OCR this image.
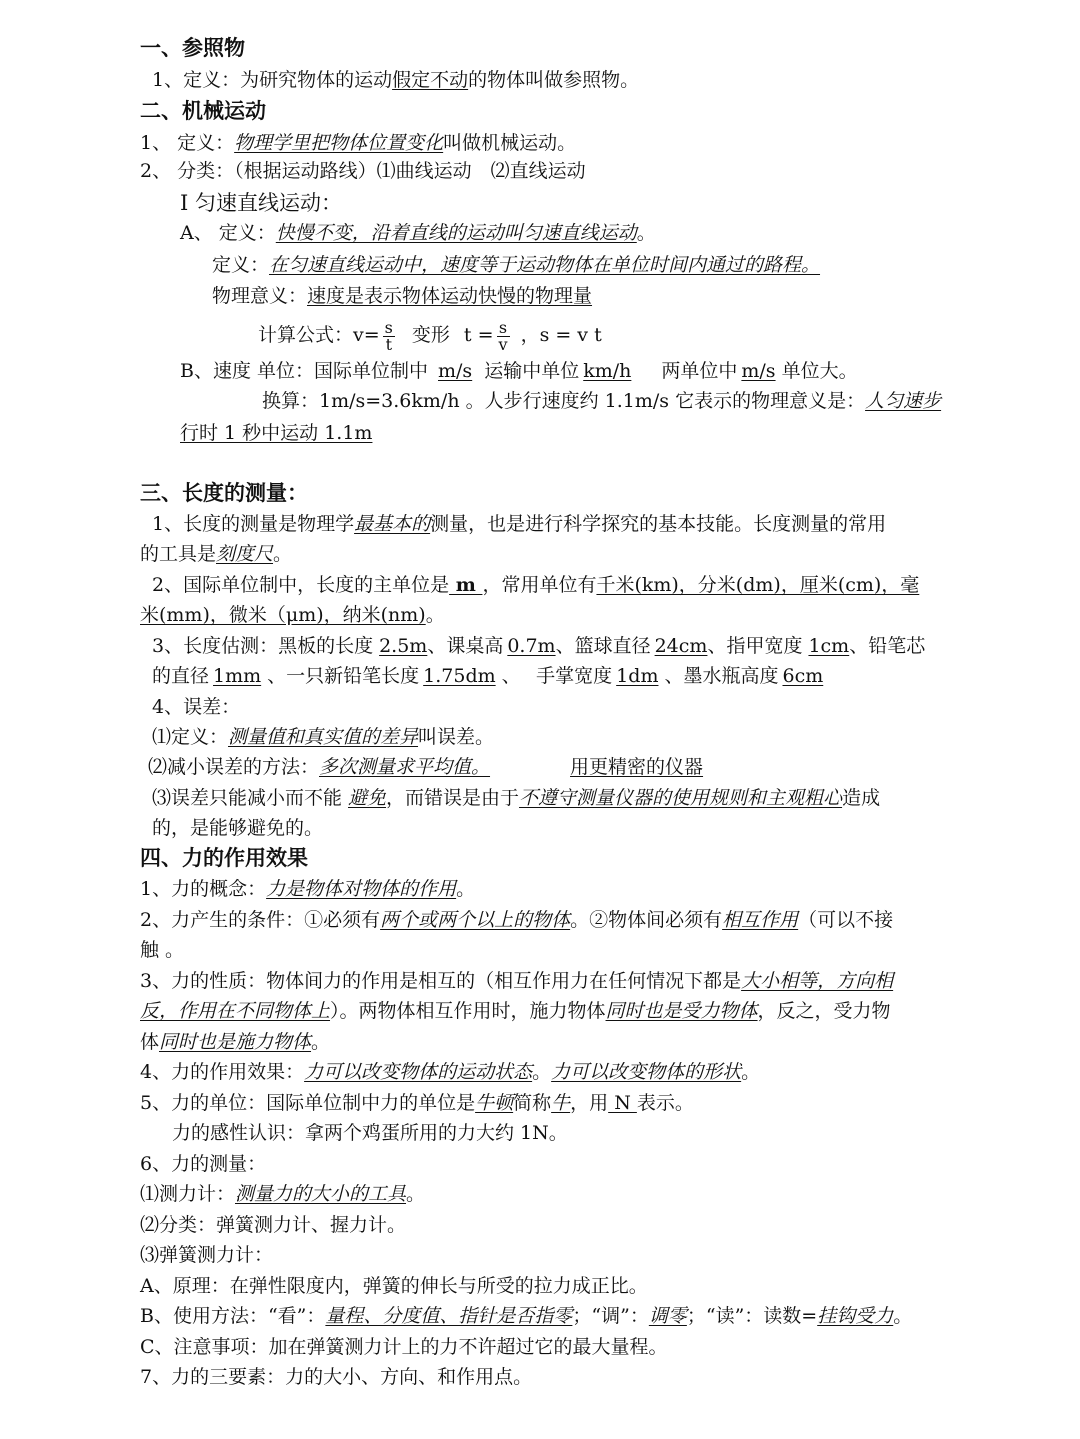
一、参照物
1、定义：为研究物体的运动假定不动的物体叫做参照物。
二、机械运动
1、 定义：物理学里把物体位置变化叫做机械运动。
2、 分类：（根据运动路线）⑴曲线运动　⑵直线运动
Ⅰ 匀速直线运动：
A、 定义：快慢不变，沿着直线的运动叫匀速直线运动。
定义：在匀速直线运动中，速度等于运动物体在单位时间内通过的路程。
物理意义：速度是表示物体运动快慢的物理量
计算公式：$v= \frac{s}{t}$ 变形 $t = \frac{s}{v}$ ，s = v t
B、速度 单位：国际单位制中 m/s 运输中单位 km/h 两单位中 m/s 单位大。
换算：1m/s=3.6km/h 。人步行速度约 1.1m/s 它表示的物理意义是：人匀速步
行时 1 秒中运动 1.1m
三、长度的测量：
1、长度的测量是物理学最基本的测量，也是进行科学探究的基本技能。长度测量的常用
的工具是刻度尺。
2、国际单位制中，长度的主单位是 m ，常用单位有千米(km)，分米(dm)，厘米(cm)，毫
米(mm)，微米（μm)，纳米(nm)。
3、长度估测：黑板的长度 2.5m、课桌高 0.7m、篮球直径 24cm、指甲宽度 1cm、铅笔芯
的直径 1mm 、一只新铅笔长度 1.75dm 、　 手掌宽度 1dm 、墨水瓶高度 6cm
4、误差：
⑴定义：测量值和真实值的差异叫误差。
⑵减小误差的方法：多次测量求平均值。	用更精密的仪器
⑶误差只能减小而不能 避免，而错误是由于不遵守测量仪器的使用规则和主观粗心造成
的，是能够避免的。
四、力的作用效果
1、力的概念：力是物体对物体的作用。
2、力产生的条件：①必须有两个或两个以上的物体。②物体间必须有相互作用（可以不接
触 。
3、力的性质：物体间力的作用是相互的（相互作用力在任何情况下都是大小相等，方向相
反，作用在不同物体上）。两物体相互作用时，施力物体同时也是受力物体，反之，受力物
体同时也是施力物体。
4、力的作用效果：力可以改变物体的运动状态。力可以改变物体的形状。
5、力的单位：国际单位制中力的单位是牛顿简称牛，用 N 表示。
力的感性认识：拿两个鸡蛋所用的力大约 1N。
6、力的测量：
⑴测力计：测量力的大小的工具。
⑵分类：弹簧测力计、握力计。
⑶弹簧测力计：
A、原理：在弹性限度内，弹簧的伸长与所受的拉力成正比。
B、使用方法：“看”：量程、分度值、指针是否指零；“调”：调零；“读”：读数=挂钩受力。
C、注意事项：加在弹簧测力计上的力不许超过它的最大量程。
7、力的三要素：力的大小、方向、和作用点。
